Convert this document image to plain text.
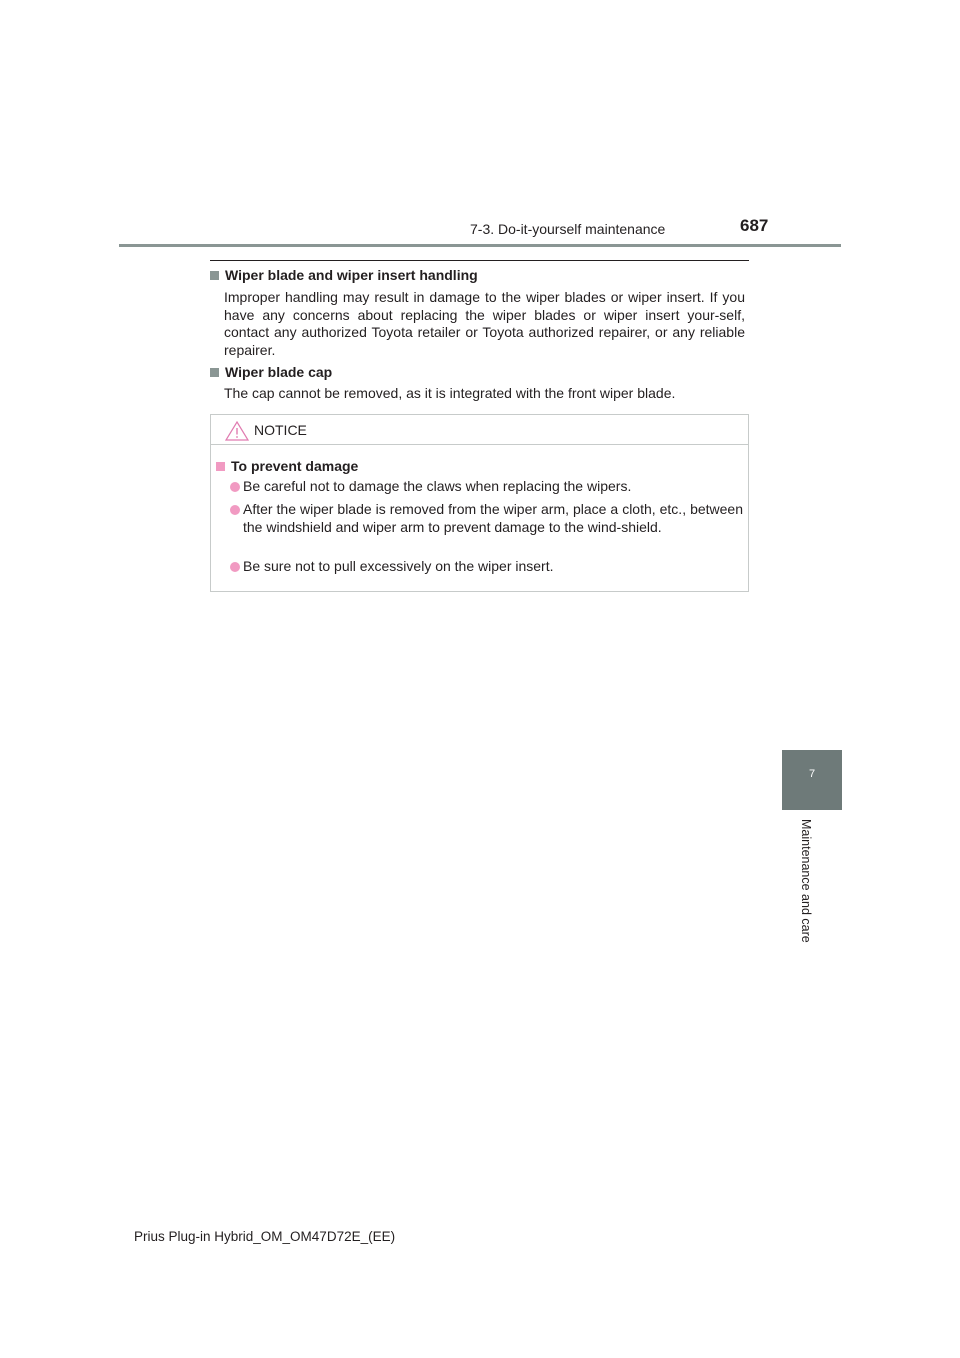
7-3. Do-it-yourself maintenance	687
Wiper blade and wiper insert handling

Improper handling may result in damage to the wiper blades or wiper insert. If you have any concerns about replacing the wiper blades or wiper insert your-self, contact any authorized Toyota retailer or Toyota authorized repairer, or any reliable repairer.

Wiper blade cap

The cap cannot be removed, as it is integrated with the front wiper blade.

NOTICE
To prevent damage
Be careful not to damage the claws when replacing the wipers.
After the wiper blade is removed from the wiper arm, place a cloth, etc., between the windshield and wiper arm to prevent damage to the wind-shield.
Be sure not to pull excessively on the wiper insert.
7
Maintenance and care
Prius Plug-in Hybrid_OM_OM47D72E_(EE)
